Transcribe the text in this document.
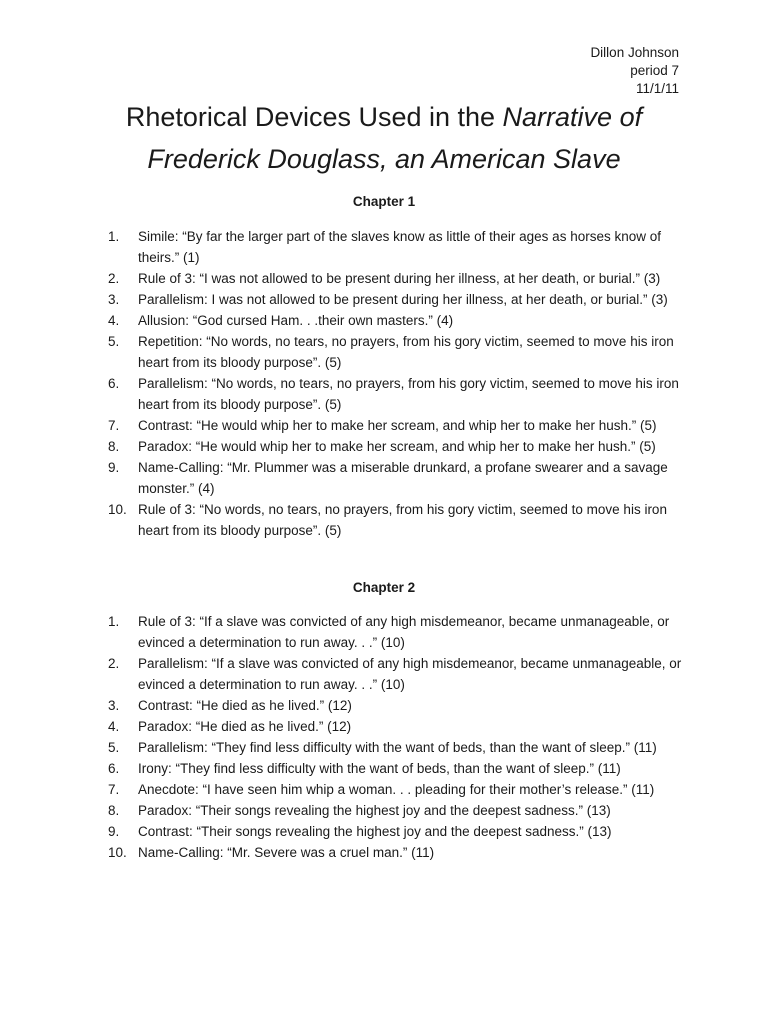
Dillon Johnson
period 7
11/1/11
Rhetorical Devices Used in the Narrative of
Frederick Douglass, an American Slave
Chapter 1
1. Simile: “By far the larger part of the slaves know as little of their ages as horses know of theirs.” (1)
2. Rule of 3: “I was not allowed to be present during her illness, at her death, or burial.” (3)
3. Parallelism: I was not allowed to be present during her illness, at her death, or burial.” (3)
4. Allusion: “God cursed Ham. . .their own masters.” (4)
5. Repetition: “No words, no tears, no prayers, from his gory victim, seemed to move his iron heart from its bloody purpose”. (5)
6. Parallelism: “No words, no tears, no prayers, from his gory victim, seemed to move his iron heart from its bloody purpose”. (5)
7. Contrast: “He would whip her to make her scream, and whip her to make her hush.” (5)
8. Paradox: “He would whip her to make her scream, and whip her to make her hush.” (5)
9. Name-Calling: “Mr. Plummer was a miserable drunkard, a profane swearer and a savage monster.” (4)
10. Rule of 3: “No words, no tears, no prayers, from his gory victim, seemed to move his iron heart from its bloody purpose”. (5)
Chapter 2
1. Rule of 3: “If a slave was convicted of any high misdemeanor, became unmanageable, or evinced a determination to run away. . .” (10)
2. Parallelism: “If a slave was convicted of any high misdemeanor, became unmanageable, or evinced a determination to run away. . .” (10)
3. Contrast: “He died as he lived.” (12)
4. Paradox: “He died as he lived.” (12)
5. Parallelism: “They find less difficulty with the want of beds, than the want of sleep.” (11)
6. Irony: “They find less difficulty with the want of beds, than the want of sleep.” (11)
7. Anecdote: “I have seen him whip a woman. . . pleading for their mother’s release.” (11)
8. Paradox: “Their songs revealing the highest joy and the deepest sadness.” (13)
9. Contrast: “Their songs revealing the highest joy and the deepest sadness.” (13)
10. Name-Calling: “Mr. Severe was a cruel man.” (11)
